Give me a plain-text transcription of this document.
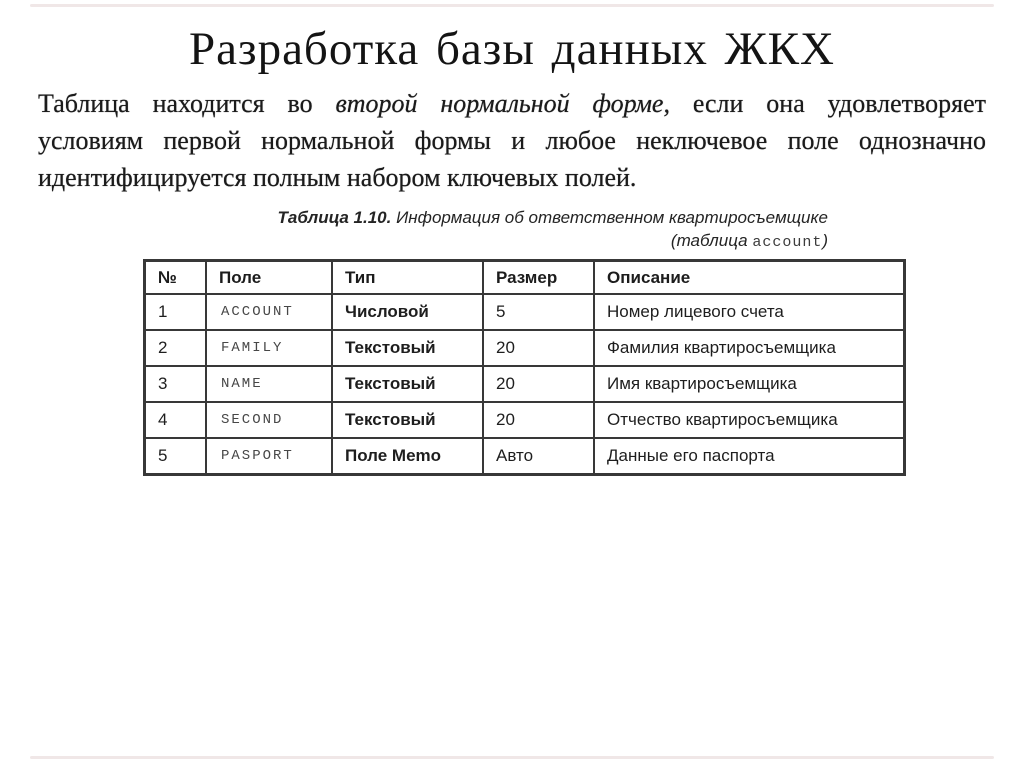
Разработка базы данных ЖКХ
Таблица находится во второй нормальной форме, если она удовлетворяет
условиям первой нормальной формы и любое неключевое поле однозначно
идентифицируется полным набором ключевых полей.
Таблица 1.10. Информация об ответственном квартиросъемщике
(таблица account)
№	Поле	Тип	Размер	Описание
1	ACCOUNT	Числовой	5	Номер лицевого счета
2	FAMILY	Текстовый	20	Фамилия квартиросъемщика
3	NAME	Текстовый	20	Имя квартиросъемщика
4	SECOND	Текстовый	20	Отчество квартиросъемщика
5	PASPORT	Поле Memo	Авто	Данные его паспорта
